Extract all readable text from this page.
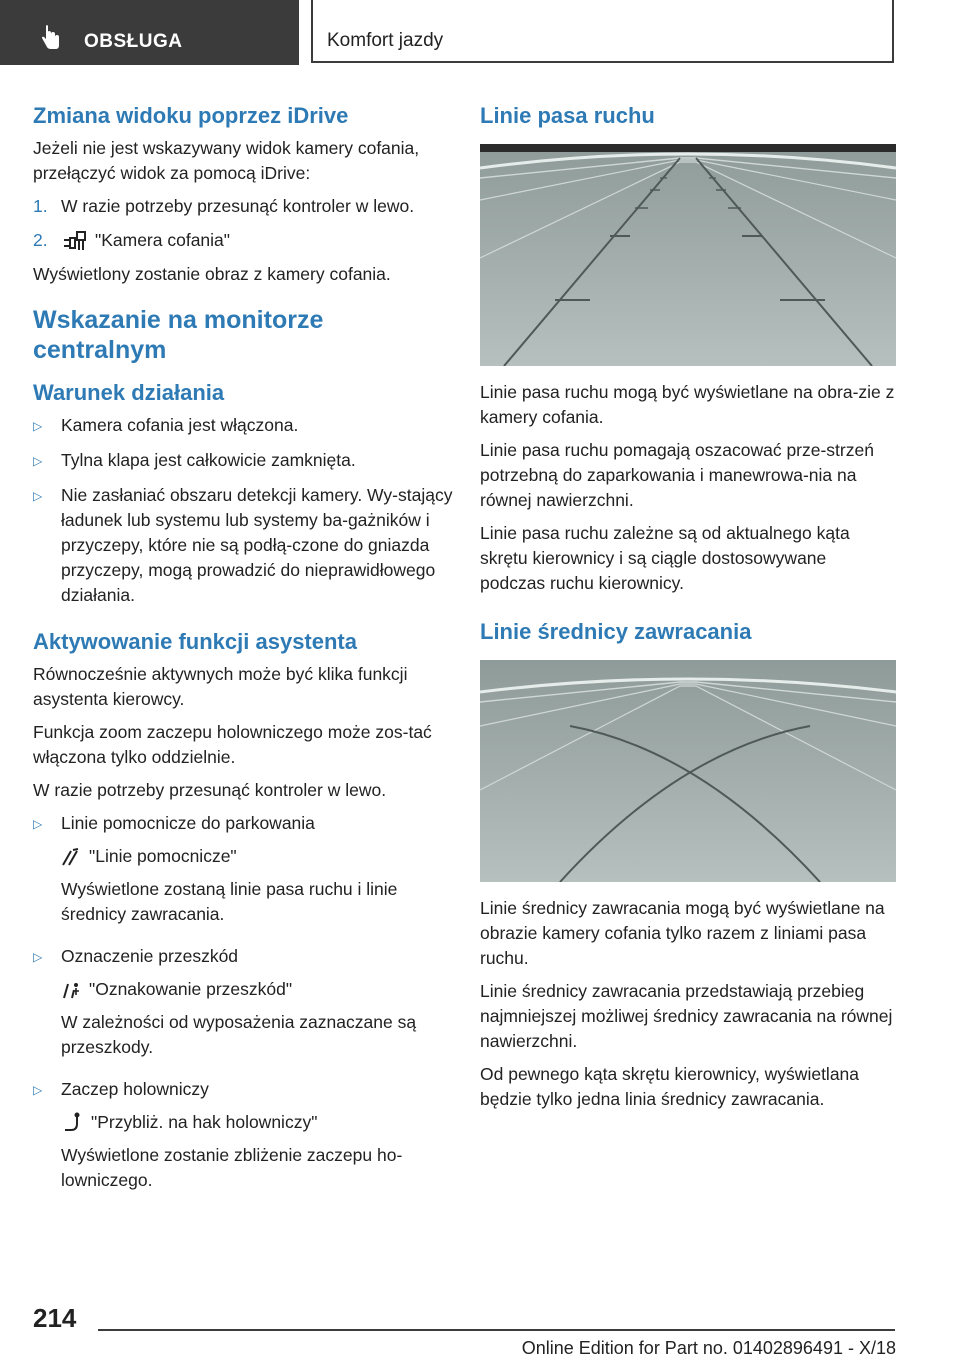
OBSŁUGA	Komfort jazdy
Zmiana widoku poprzez iDrive

Jeżeli nie jest wskazywany widok kamery cofania, przełączyć widok za pomocą iDrive:

1. W razie potrzeby przesunąć kontroler w lewo.
2.	"Kamera cofania"

Wyświetlony zostanie obraz z kamery cofania.

Wskazanie na monitorze centralnym
Warunek działania
▷	Kamera cofania jest włączona.
▷	Tylna klapa jest całkowicie zamknięta.
▷	Nie zasłaniać obszaru detekcji kamery. Wy-stający ładunek lub systemu lub systemy ba-gażników i przyczepy, które nie są podłą-czone do gniazda przyczepy, mogą prowadzić do nieprawidłowego działania.
Aktywowanie funkcji asystenta

Równocześnie aktywnych może być klika funkcji asystenta kierowcy.

Funkcja zoom zaczepu holowniczego może zos-tać włączona tylko oddzielnie.

W razie potrzeby przesunąć kontroler w lewo.

▷	Linie pomocnicze do parkowania

"Linie pomocnicze"

Wyświetlone zostaną linie pasa ruchu i linie średnicy zawracania.

▷	Oznaczenie przeszkód

"Oznakowanie przeszkód"

W zależności od wyposażenia zaznaczane są przeszkody.

▷	Zaczep holowniczy

"Przybliż. na hak holowniczy"

Wyświetlone zostanie zbliżenie zaczepu ho-lowniczego.

Linie pasa ruchu

Linie pasa ruchu mogą być wyświetlane na obra-zie z kamery cofania.

Linie pasa ruchu pomagają oszacować prze-strzeń potrzebną do zaparkowania i manewrowa-nia na równej nawierzchni.

Linie pasa ruchu zależne są od aktualnego kąta skrętu kierownicy i są ciągle dostosowywane podczas ruchu kierownicy.

Linie średnicy zawracania

Linie średnicy zawracania mogą być wyświetlane na obrazie kamery cofania tylko razem z liniami pasa ruchu.

Linie średnicy zawracania przedstawiają przebieg najmniejszej możliwej średnicy zawracania na równej nawierzchni.

Od pewnego kąta skrętu kierownicy, wyświetlana będzie tylko jedna linia średnicy zawracania.

214
Online Edition for Part no. 01402896491 - X/18
